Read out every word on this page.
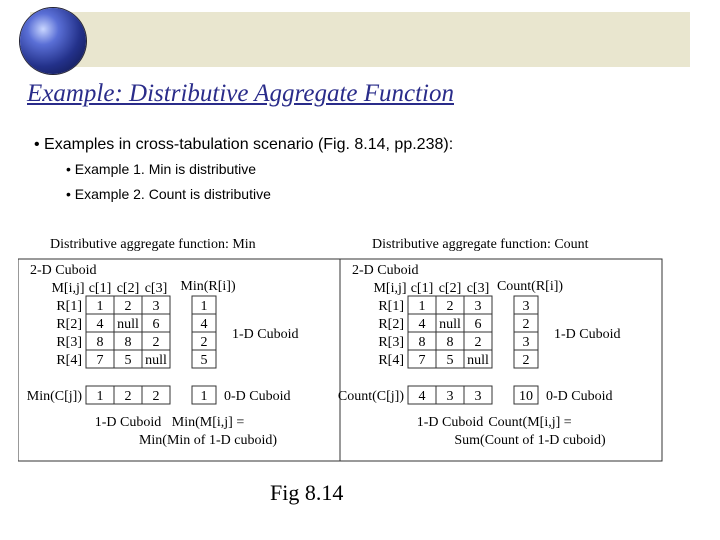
Example: Distributive Aggregate Function
• Examples in cross-tabulation scenario (Fig. 8.14, pp.238):
• Example 1. Min is distributive
• Example 2. Count is distributive
Distributive aggregate function: Min
2-D Cuboid
M[i,j] c[1] c[2] c[3] Min(R[i])
R[1] 1 2 3
R[2] 4 null 6
R[3] 8 8 2
R[4] 7 5 null
1
4
2
5
1-D Cuboid
Min(C[j]) 1 2 2	1 0-D Cuboid
1-D Cuboid Min(M[i,j] =
Min(Min of 1-D cuboid)
Distributive aggregate function: Count
2-D Cuboid
M[i,j] c[1] c[2] c[3] Count(R[i])
R[1] 1 2 3
R[2] 4 null 6
R[3] 8 8 2
R[4] 7 5 null
3
2
3
2
1-D Cuboid
Count(C[j]) 4 3 3	10 0-D Cuboid
1-D Cuboid Count(M[i,j] =
Sum(Count of 1-D cuboid)
Fig 8.14
